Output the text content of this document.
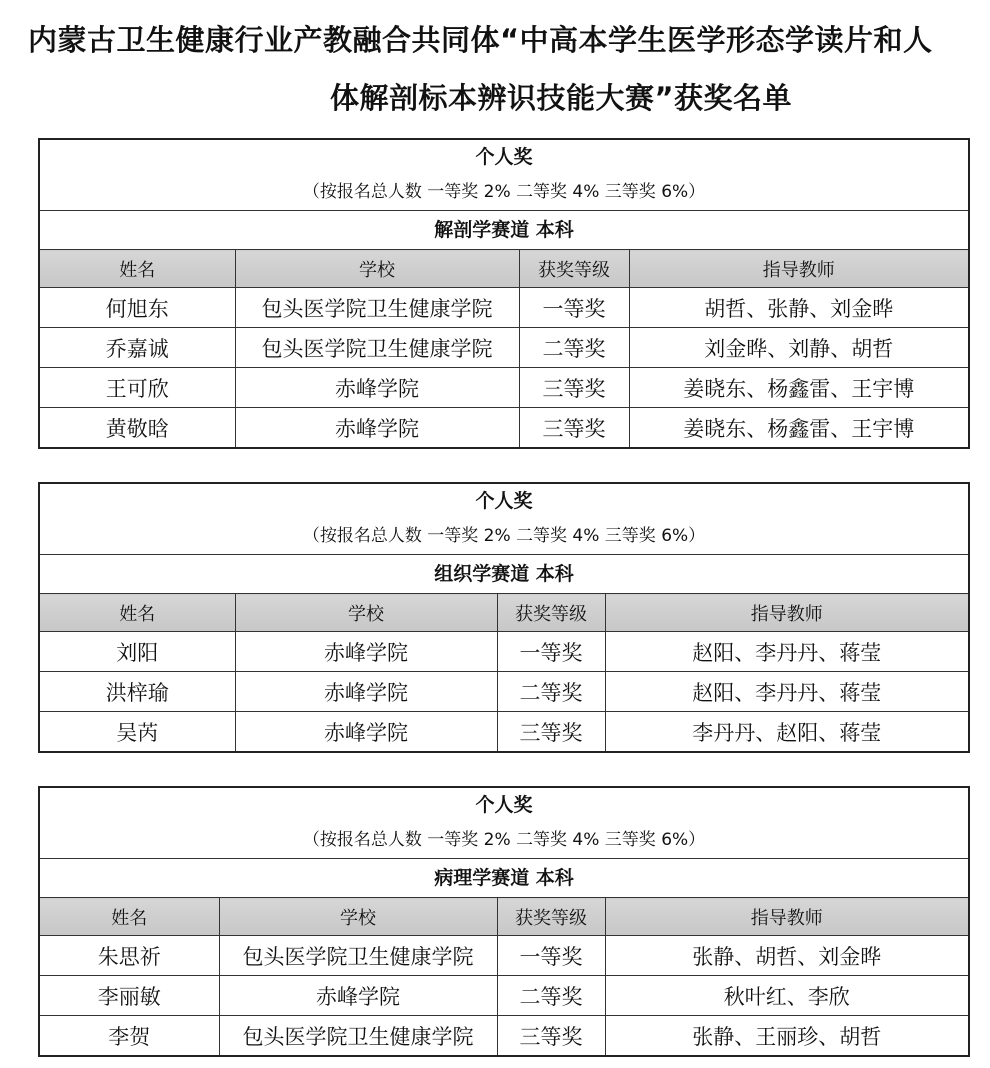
内蒙古卫生健康行业产教融合共同体“中高本学生医学形态学读片和人
体解剖标本辨识技能大赛”获奖名单
个人奖			
（按报名总人数 一等奖 2% 二等奖 4% 三等奖 6%）			
解剖学赛道 本科			
姓名	学校	获奖等级	指导教师
何旭东	包头医学院卫生健康学院	一等奖	胡哲、张静、刘金晔
乔嘉诚	包头医学院卫生健康学院	二等奖	刘金晔、刘静、胡哲
王可欣	赤峰学院	三等奖	姜晓东、杨鑫雷、王宇博
黄敬晗	赤峰学院	三等奖	姜晓东、杨鑫雷、王宇博
个人奖			
（按报名总人数 一等奖 2% 二等奖 4% 三等奖 6%）			
组织学赛道 本科			
姓名	学校	获奖等级	指导教师
刘阳	赤峰学院	一等奖	赵阳、李丹丹、蒋莹
洪梓瑜	赤峰学院	二等奖	赵阳、李丹丹、蒋莹
吴芮	赤峰学院	三等奖	李丹丹、赵阳、蒋莹
个人奖			
（按报名总人数 一等奖 2% 二等奖 4% 三等奖 6%）			
病理学赛道 本科			
姓名	学校	获奖等级	指导教师
朱思祈	包头医学院卫生健康学院	一等奖	张静、胡哲、刘金晔
李丽敏	赤峰学院	二等奖	秋叶红、李欣
李贺	包头医学院卫生健康学院	三等奖	张静、王丽珍、胡哲
